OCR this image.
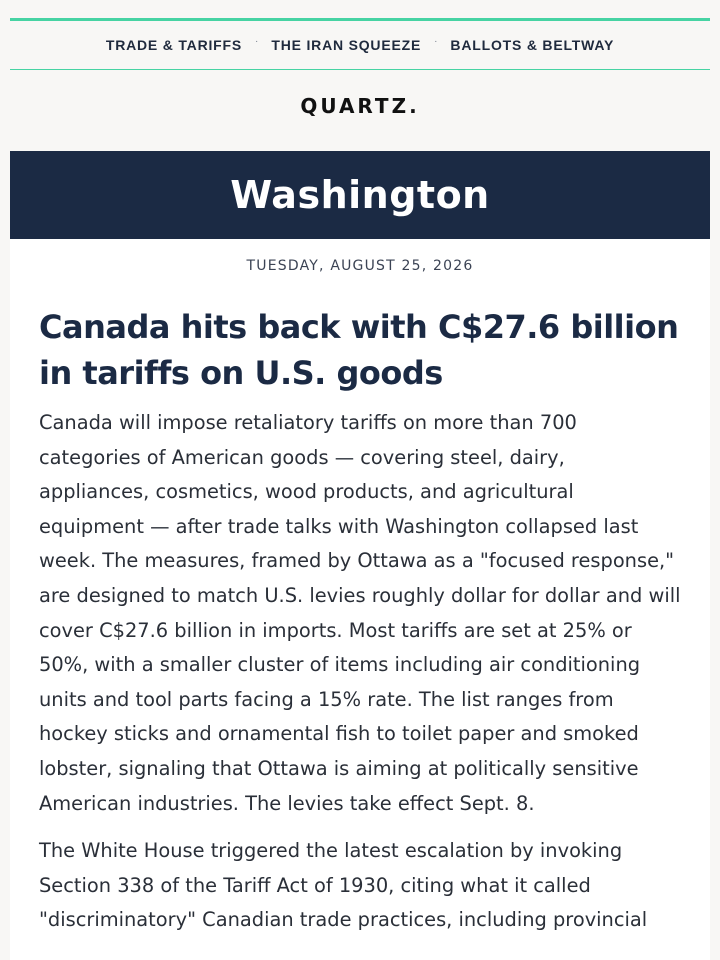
TRADE & TARIFFS · THE IRAN SQUEEZE · BALLOTS & BELTWAY
QUARTZ.
Washington
TUESDAY, AUGUST 25, 2026
Canada hits back with C$27.6 billion in tariffs on U.S. goods

Canada will impose retaliatory tariffs on more than 700 categories of American goods — covering steel, dairy, appliances, cosmetics, wood products, and agricultural equipment — after trade talks with Washington collapsed last week. The measures, framed by Ottawa as a "focused response," are designed to match U.S. levies roughly dollar for dollar and will cover C$27.6 billion in imports. Most tariffs are set at 25% or 50%, with a smaller cluster of items including air conditioning units and tool parts facing a 15% rate. The list ranges from hockey sticks and ornamental fish to toilet paper and smoked lobster, signaling that Ottawa is aiming at politically sensitive American industries. The levies take effect Sept. 8.

The White House triggered the latest escalation by invoking Section 338 of the Tariff Act of 1930, citing what it called "discriminatory" Canadian trade practices, including provincial
